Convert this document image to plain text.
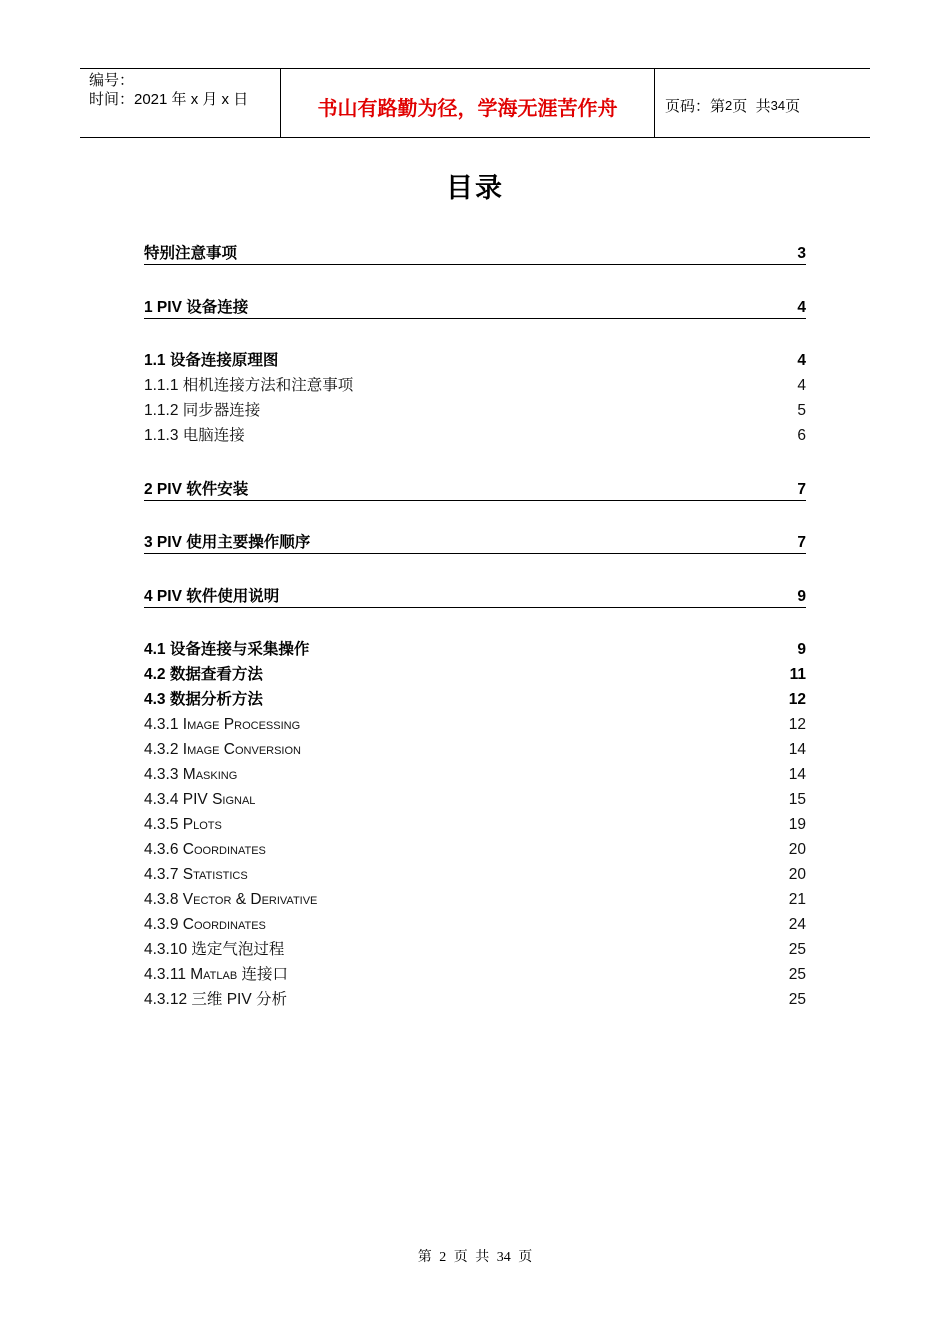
编号：
时间：2021 年 x 月 x 日	书山有路勤为径，学海无涯苦作舟	页码：第 2 页  共 34 页
目录
特别注意事项	3
1 PIV 设备连接	4
1.1 设备连接原理图	4
1.1.1 相机连接方法和注意事项	4
1.1.2 同步器连接	5
1.1.3 电脑连接	6
2 PIV 软件安装	7
3 PIV 使用主要操作顺序	7
4 PIV 软件使用说明	9
4.1 设备连接与采集操作	9
4.2 数据查看方法	11
4.3 数据分析方法	12
4.3.1 Image Processing	12
4.3.2 Image Conversion	14
4.3.3 Masking	14
4.3.4 PIV Signal	15
4.3.5 Plots	19
4.3.6 Coordinates	20
4.3.7 Statistics	20
4.3.8 Vector & Derivative	21
4.3.9 Coordinates	24
4.3.10 选定气泡过程	25
4.3.11 Matlab 连接口	25
4.3.12 三维 PIV 分析	25
第 2 页 共 34 页
